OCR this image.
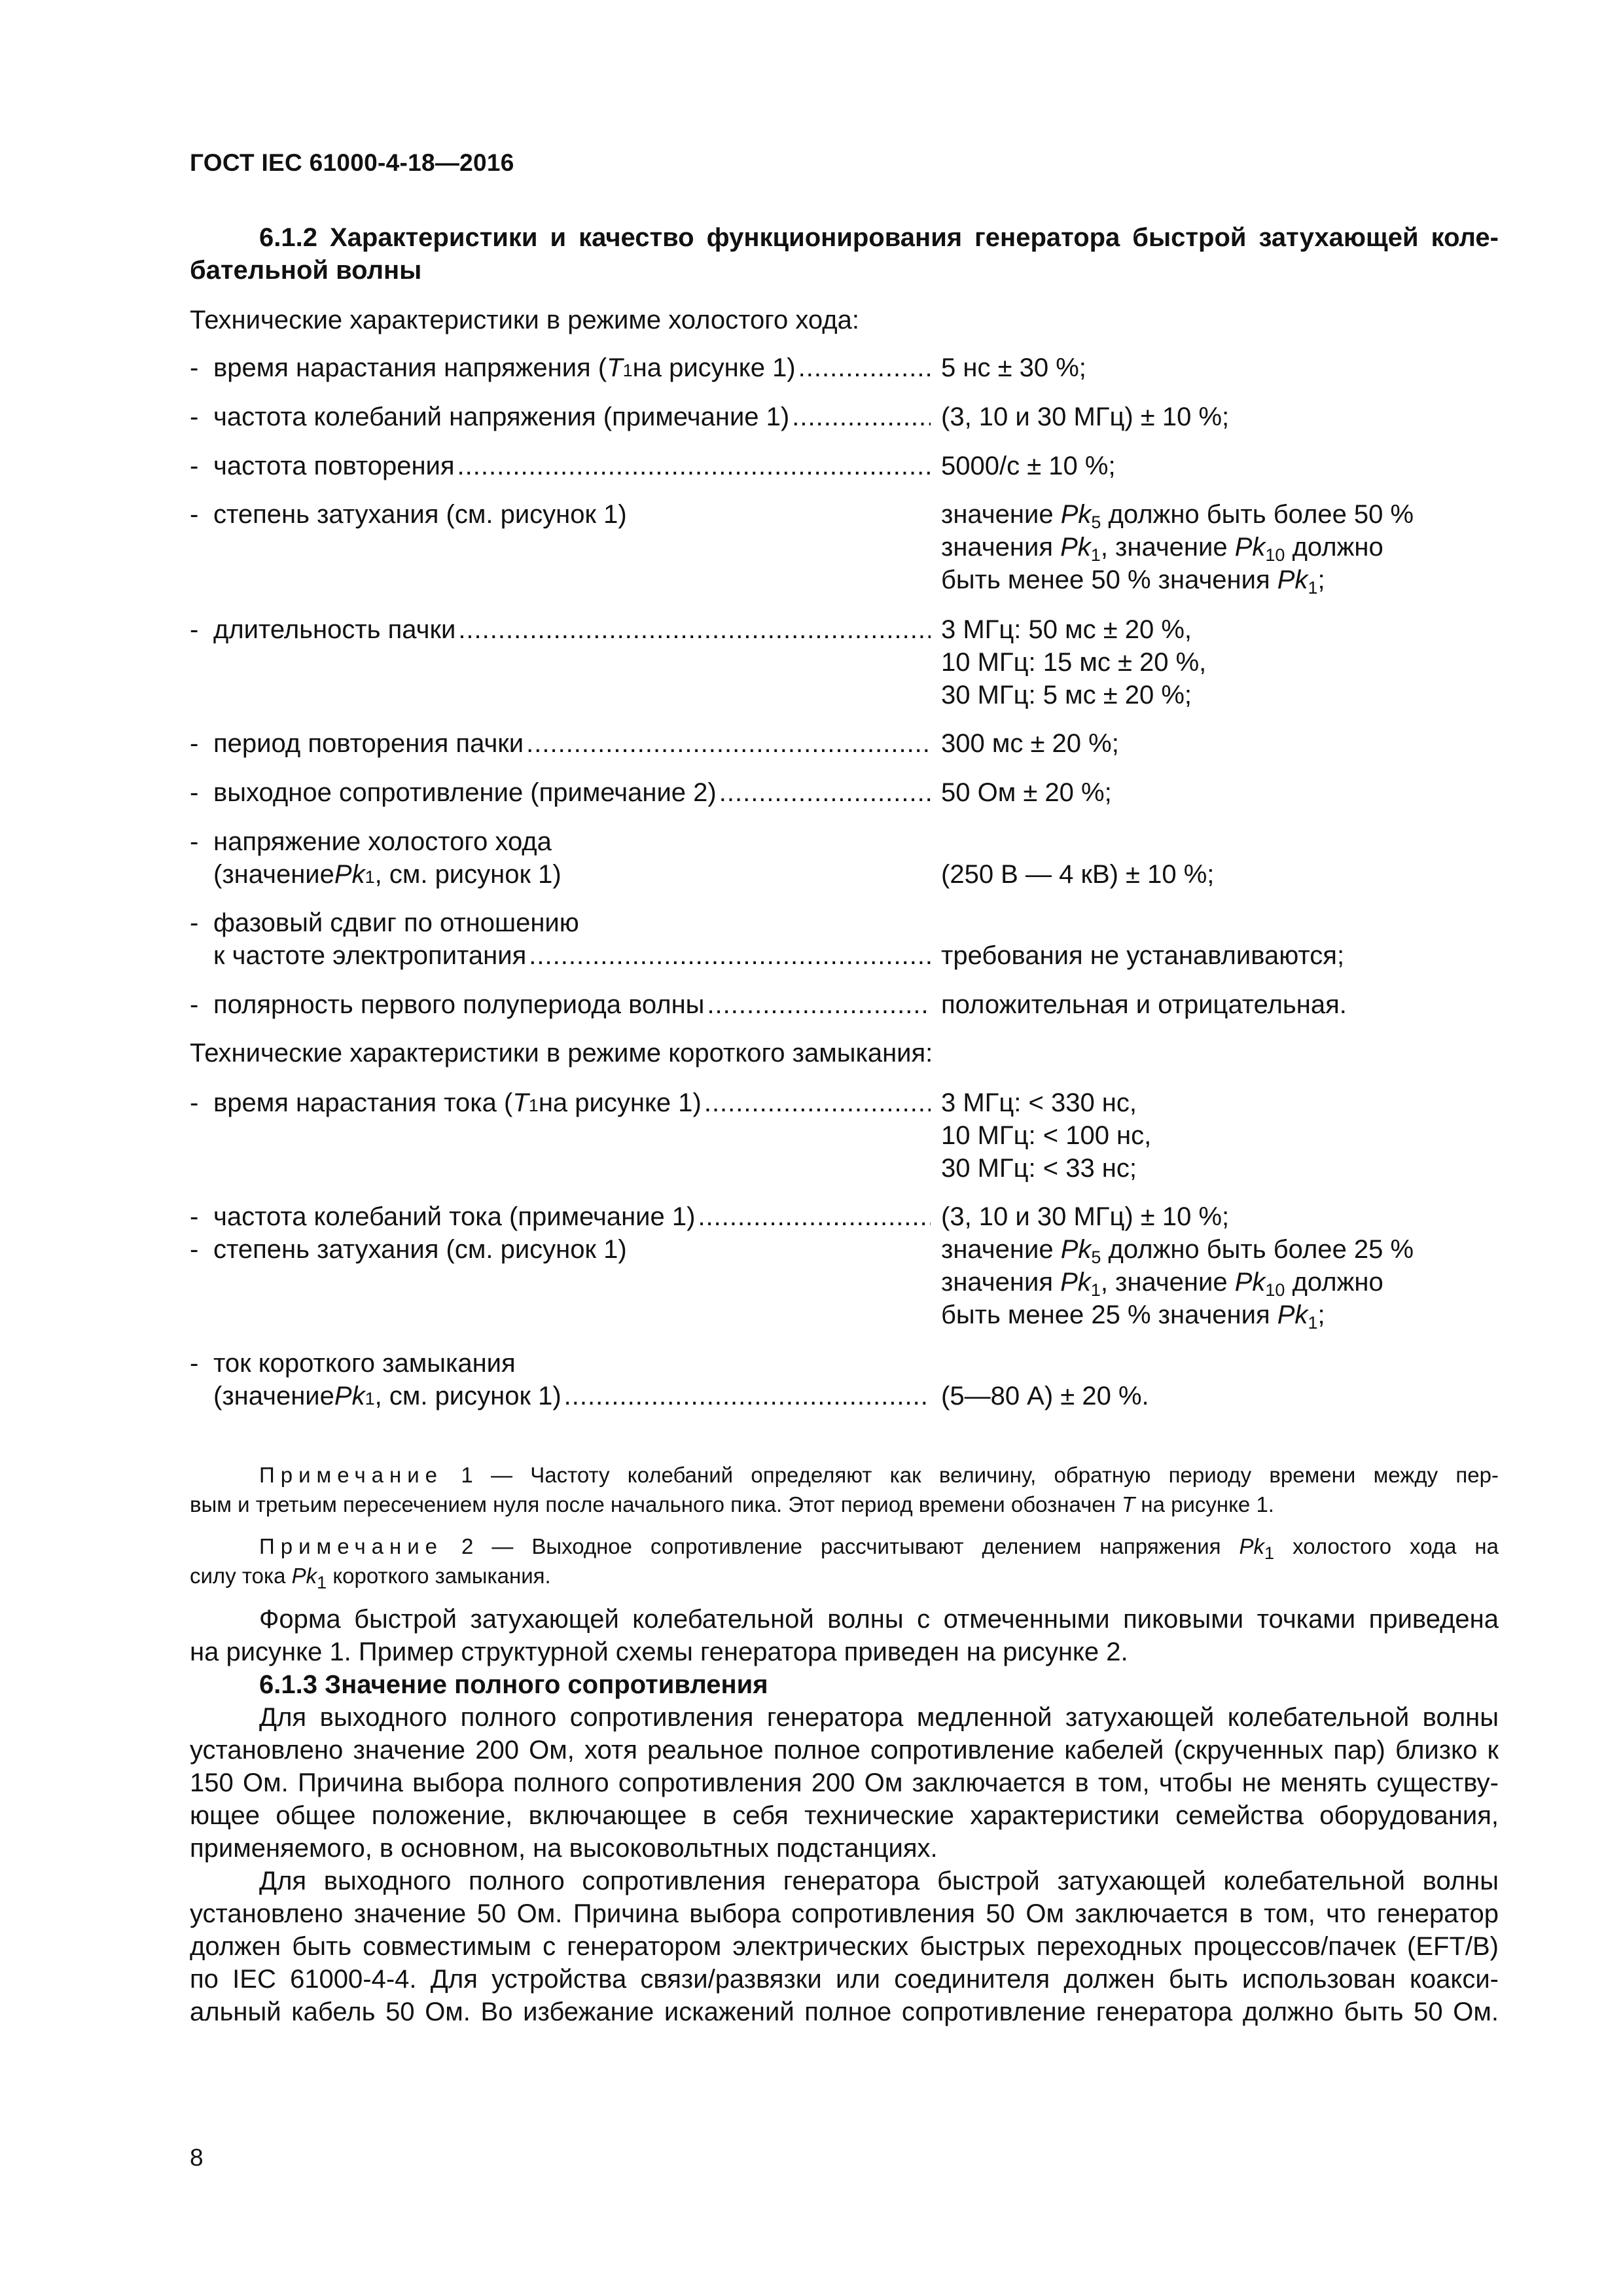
ГОСТ IEC 61000-4-18—2016
6.1.2 Характеристики и качество функционирования генератора быстрой затухающей коле-
бательной волны
Технические характеристики в режиме холостого хода:
- время нарастания напряжения ( T 1 на рисунке 1) .....	5 нс ± 30 %;
- частота колебаний напряжения (примечание 1) .....	(3, 10 и 30 МГц) ± 10 %;
- частота повторения .....	5000/с ± 10 %;
- степень затухания (см. рисунок 1)	значение $Pk_5$ должно быть более 50 %
значения $Pk_1$, значение $Pk_{10}$ должно
быть менее 50 % значения $Pk_1$;
- длительность пачки .....	3 МГц: 50 мс ± 20 %,
10 МГц: 15 мс ± 20 %,
30 МГц: 5 мс ± 20 %;
- период повторения пачки .....	300 мс ± 20 %;
- выходное сопротивление (примечание 2) .....	50 Ом ± 20 %;
- напряжение холостого хода
(значение Pk 1 , см. рисунок 1)	(250 В — 4 кВ) ± 10 %;
- фазовый сдвиг по отношению
к частоте электропитания .....	требования не устанавливаются;
- полярность первого полупериода волны .....	положительная и отрицательная.
Технические характеристики в режиме короткого замыкания:
- время нарастания тока ( T 1 на рисунке 1) .....	3 МГц: < 330 нс,
10 МГц: < 100 нс,
30 МГц: < 33 нс;
- частота колебаний тока (примечание 1) .....	(3, 10 и 30 МГц) ± 10 %;
- степень затухания (см. рисунок 1)	значение $Pk_5$ должно быть более 25 %
значения $Pk_1$, значение $Pk_{10}$ должно
быть менее 25 % значения $Pk_1$;
- ток короткого замыкания
(значение Pk 1 , см. рисунок 1) .....	(5—80 А) ± 20 %.
Примечание 1 — Частоту колебаний определяют как величину, обратную периоду времени между пер-
вым и третьим пересечением нуля после начального пика. Этот период времени обозначен T на рисунке 1.
Примечание 2 — Выходное сопротивление рассчитывают делением напряжения $Pk_1$ холостого хода на
силу тока $Pk_1$ короткого замыкания.
Форма быстрой затухающей колебательной волны с отмеченными пиковыми точками приведена
на рисунке 1. Пример структурной схемы генератора приведен на рисунке 2.
6.1.3 Значение полного сопротивления
Для выходного полного сопротивления генератора медленной затухающей колебательной волны
установлено значение 200 Ом, хотя реальное полное сопротивление кабелей (скрученных пар) близко к
150 Ом. Причина выбора полного сопротивления 200 Ом заключается в том, чтобы не менять существу-
ющее общее положение, включающее в себя технические характеристики семейства оборудования,
применяемого, в основном, на высоковольтных подстанциях.
Для выходного полного сопротивления генератора быстрой затухающей колебательной волны
установлено значение 50 Ом. Причина выбора сопротивления 50 Ом заключается в том, что генератор
должен быть совместимым с генератором электрических быстрых переходных процессов/пачек (EFT/B)
по IEC 61000-4-4. Для устройства связи/развязки или соединителя должен быть использован коакси-
альный кабель 50 Ом. Во избежание искажений полное сопротивление генератора должно быть 50 Ом.
8
